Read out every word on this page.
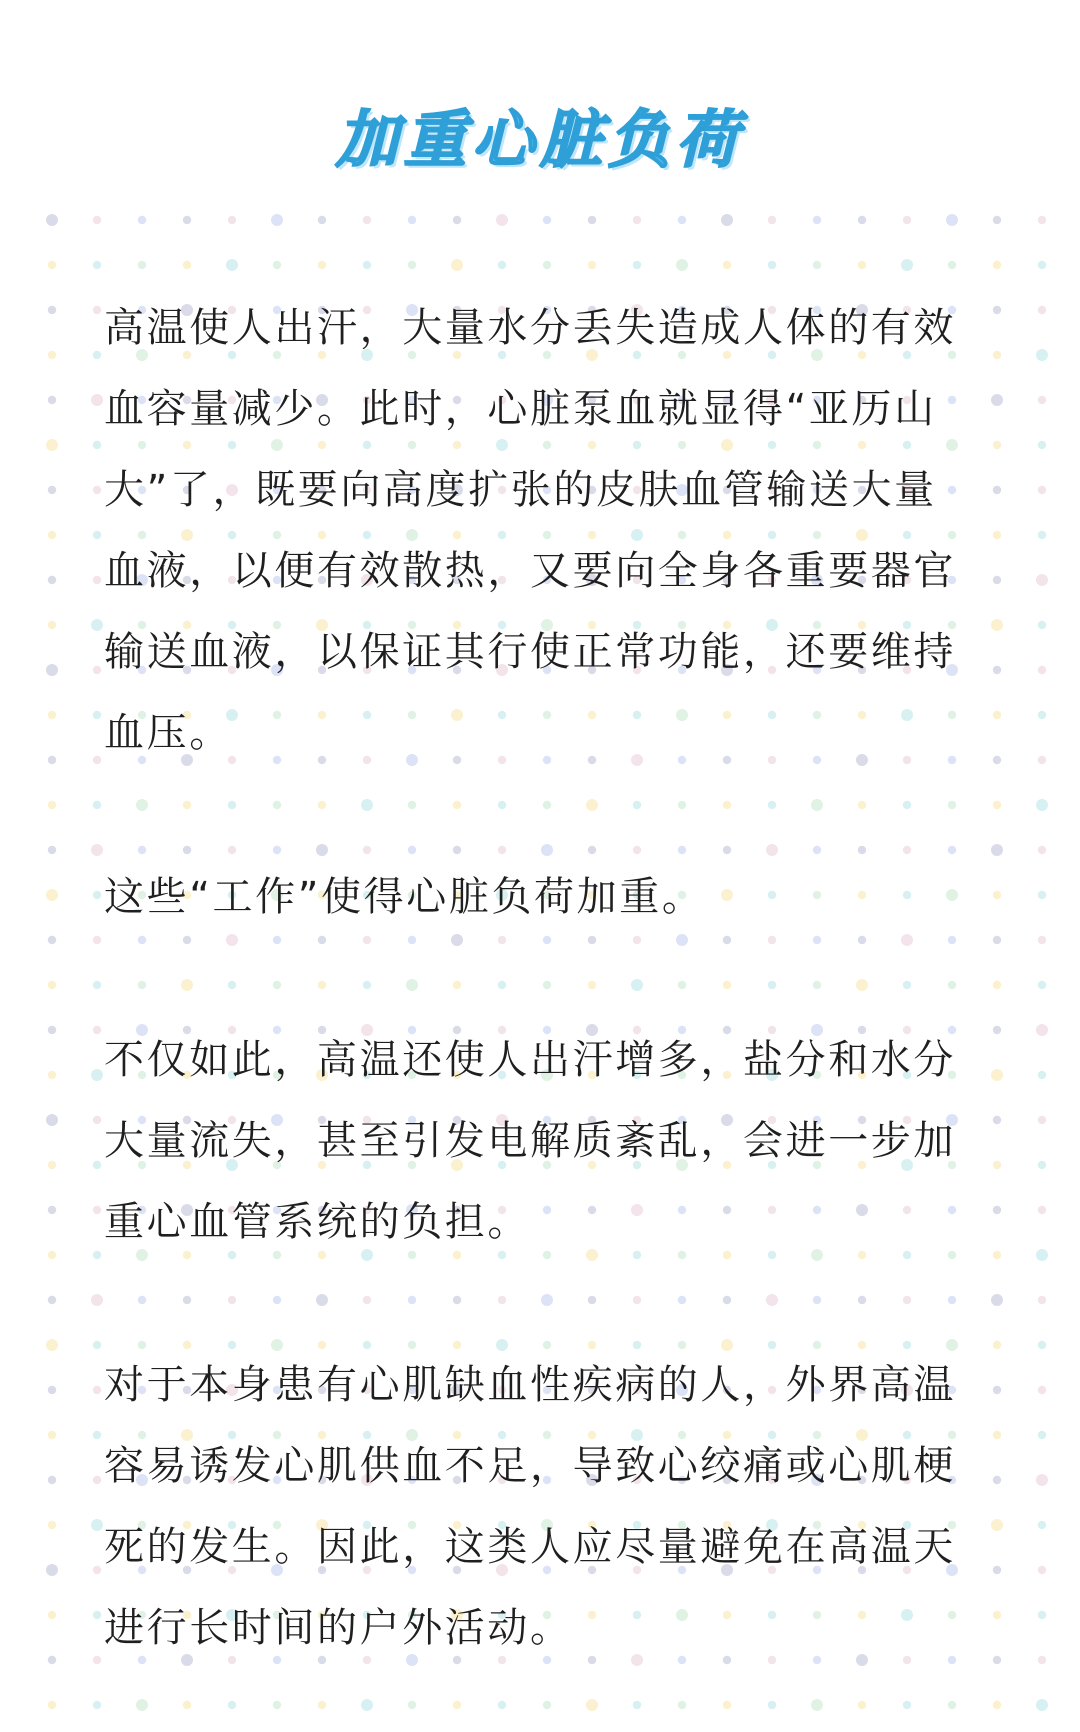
加重心脏负荷
高温使人出汗，大量水分丢失造成人体的有效
血容量减少。此时，心脏泵血就显得“亚历山
大”了，既要向高度扩张的皮肤血管输送大量
血液，以便有效散热，又要向全身各重要器官
输送血液，以保证其行使正常功能，还要维持
血压。
这些“工作”使得心脏负荷加重。
不仅如此，高温还使人出汗增多，盐分和水分
大量流失，甚至引发电解质紊乱，会进一步加
重心血管系统的负担。
对于本身患有心肌缺血性疾病的人，外界高温
容易诱发心肌供血不足，导致心绞痛或心肌梗
死的发生。因此，这类人应尽量避免在高温天
进行长时间的户外活动。
